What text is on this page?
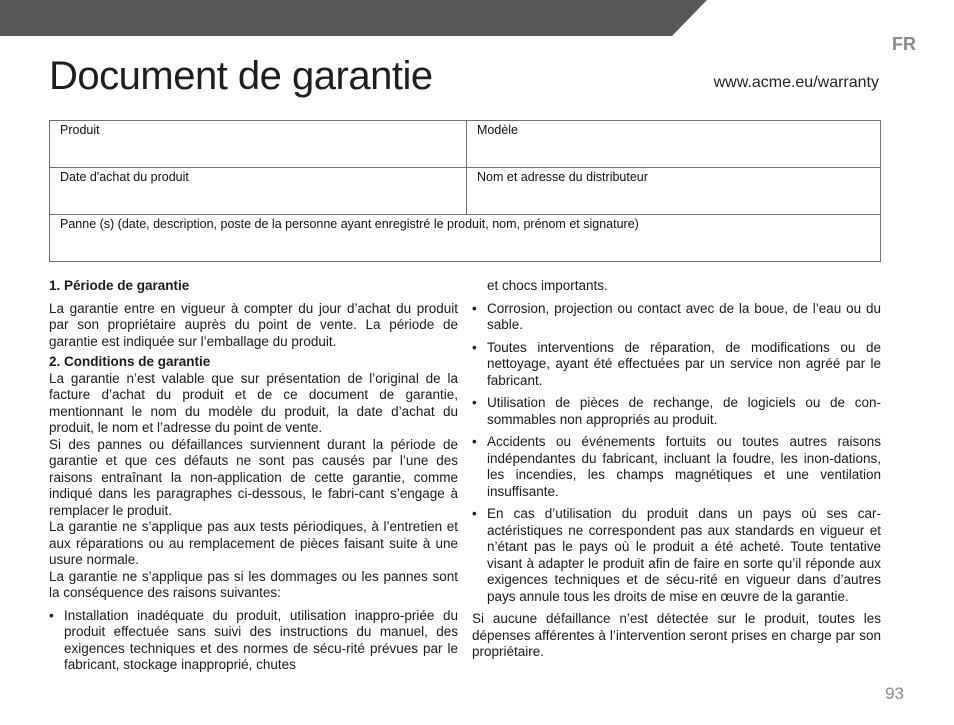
FR
Document de garantie	www.acme.eu/warranty
Produit	Modèle
Date d'achat du produit	Nom et adresse du distributeur
Panne (s) (date, description, poste de la personne ayant enregistré le produit, nom, prénom et signature)	

1. Période de garantie

La garantie entre en vigueur à compter du jour d’achat du produit par son propriétaire auprès du point de vente. La période de garantie est indiquée sur l’emballage du produit.

2. Conditions de garantie

La garantie n’est valable que sur présentation de l’original de la facture d’achat du produit et de ce document de garantie, mentionnant le nom du modèle du produit, la date d’achat du produit, le nom et l’adresse du point de vente.

Si des pannes ou défaillances surviennent durant la période de garantie et que ces défauts ne sont pas causés par l’une des raisons entraînant la non-application de cette garantie, comme indiqué dans les paragraphes ci-dessous, le fabri-cant s’engage à remplacer le produit.

La garantie ne s’applique pas aux tests périodiques, à l’entretien et aux réparations ou au remplacement de pièces faisant suite à une usure normale.

La garantie ne s’applique pas si les dommages ou les pannes sont la conséquence des raisons suivantes:

• Installation inadéquate du produit, utilisation inappro-priée du produit effectuée sans suivi des instructions du manuel, des exigences techniques et des normes de sécu-rité prévues par le fabricant, stockage inapproprié, chutes
et chocs importants.
• Corrosion, projection ou contact avec de la boue, de l’eau ou du sable.
• Toutes interventions de réparation, de modifications ou de nettoyage, ayant été effectuées par un service non agréé par le fabricant.
• Utilisation de pièces de rechange, de logiciels ou de con-sommables non appropriés au produit.
• Accidents ou événements fortuits ou toutes autres raisons indépendantes du fabricant, incluant la foudre, les inon-dations, les incendies, les champs magnétiques et une ventilation insuffisante.
• En cas d’utilisation du produit dans un pays où ses car-actéristiques ne correspondent pas aux standards en vigueur et n’étant pas le pays où le produit a été acheté. Toute tentative visant à adapter le produit afin de faire en sorte qu’il réponde aux exigences techniques et de sécu-rité en vigueur dans d’autres pays annule tous les droits de mise en œuvre de la garantie.

Si aucune défaillance n’est détectée sur le produit, toutes les dépenses afférentes à l’intervention seront prises en charge par son propriétaire.

93
